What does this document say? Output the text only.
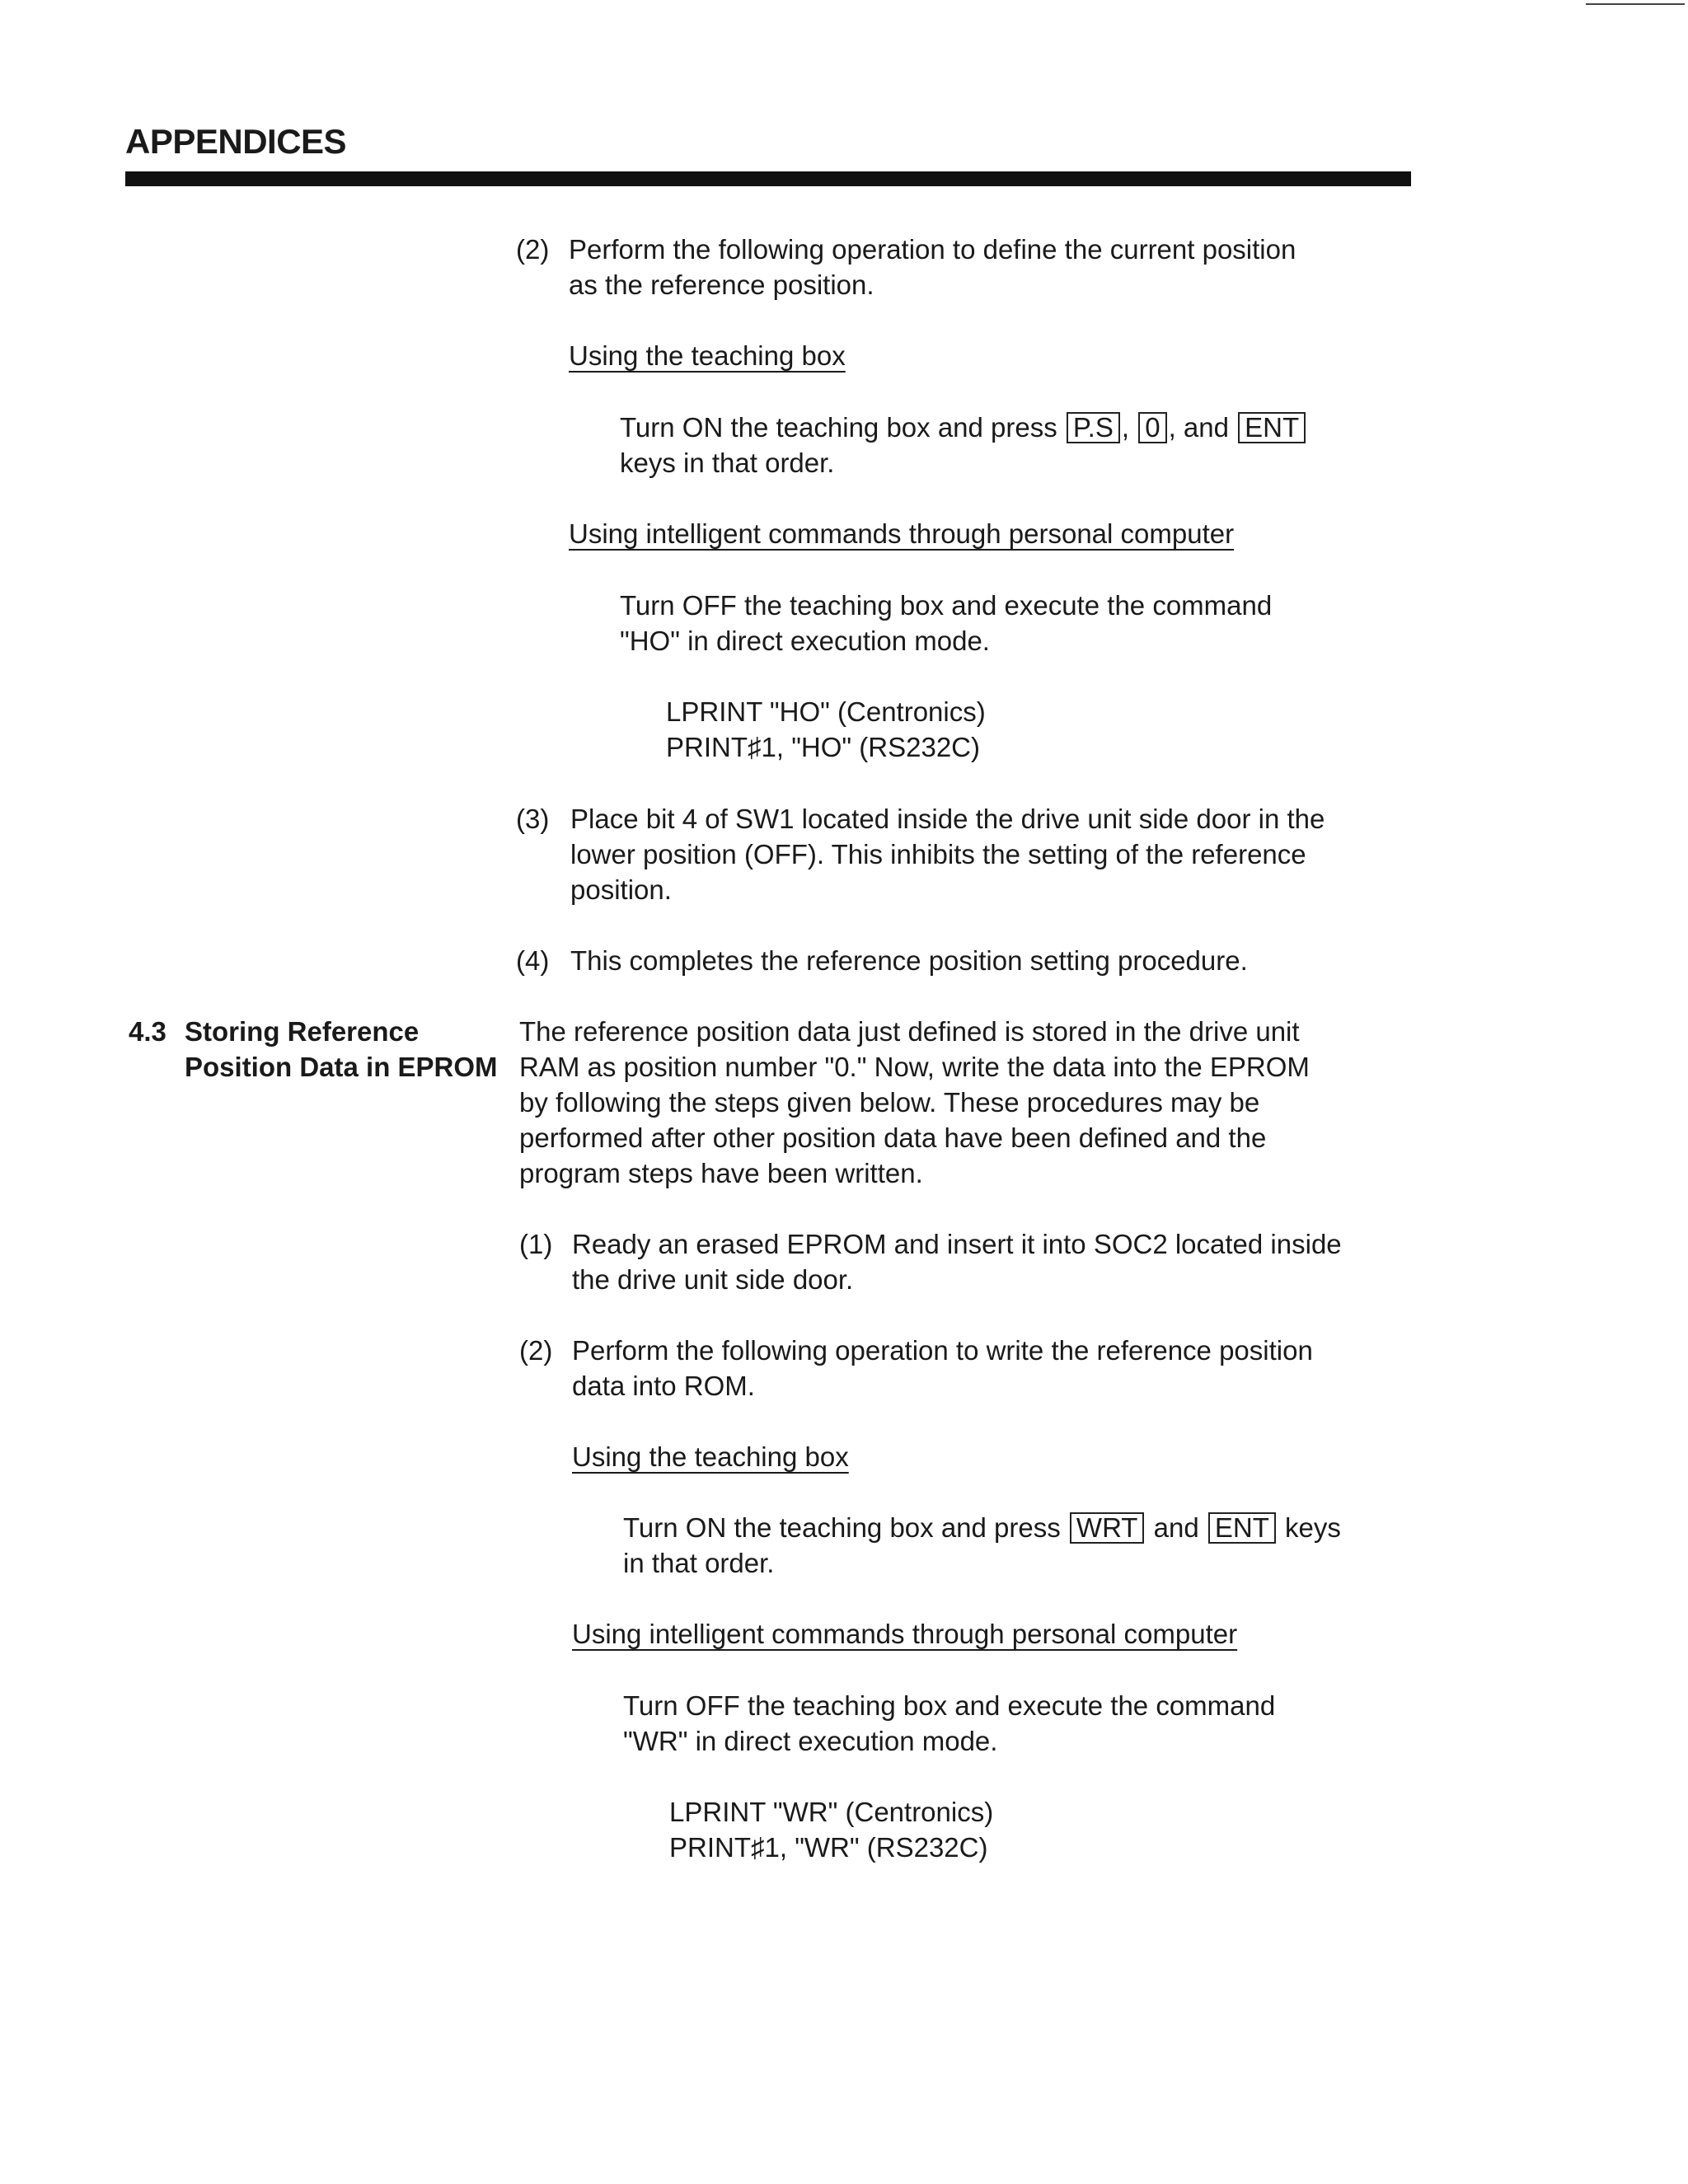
APPENDICES
(2) Perform the following operation to define the current position
as the reference position.
Using the teaching box
Turn ON the teaching box and press P.S , 0 , and ENT
keys in that order.
Using intelligent commands through personal computer
Turn OFF the teaching box and execute the command
"HO" in direct execution mode.
LPRINT "HO" (Centronics)
PRINT♯1, "HO" (RS232C)
(3) Place bit 4 of SW1 located inside the drive unit side door in the
lower position (OFF). This inhibits the setting of the reference
position.
(4) This completes the reference position setting procedure.
4.3 Storing Reference
Position Data in EPROM
The reference position data just defined is stored in the drive unit
RAM as position number "0." Now, write the data into the EPROM
by following the steps given below. These procedures may be
performed after other position data have been defined and the
program steps have been written.
(1) Ready an erased EPROM and insert it into SOC2 located inside
the drive unit side door.
(2) Perform the following operation to write the reference position
data into ROM.
Using the teaching box
Turn ON the teaching box and press WRT and ENT keys
in that order.
Using intelligent commands through personal computer
Turn OFF the teaching box and execute the command
"WR" in direct execution mode.
LPRINT "WR" (Centronics)
PRINT♯1, "WR" (RS232C)
